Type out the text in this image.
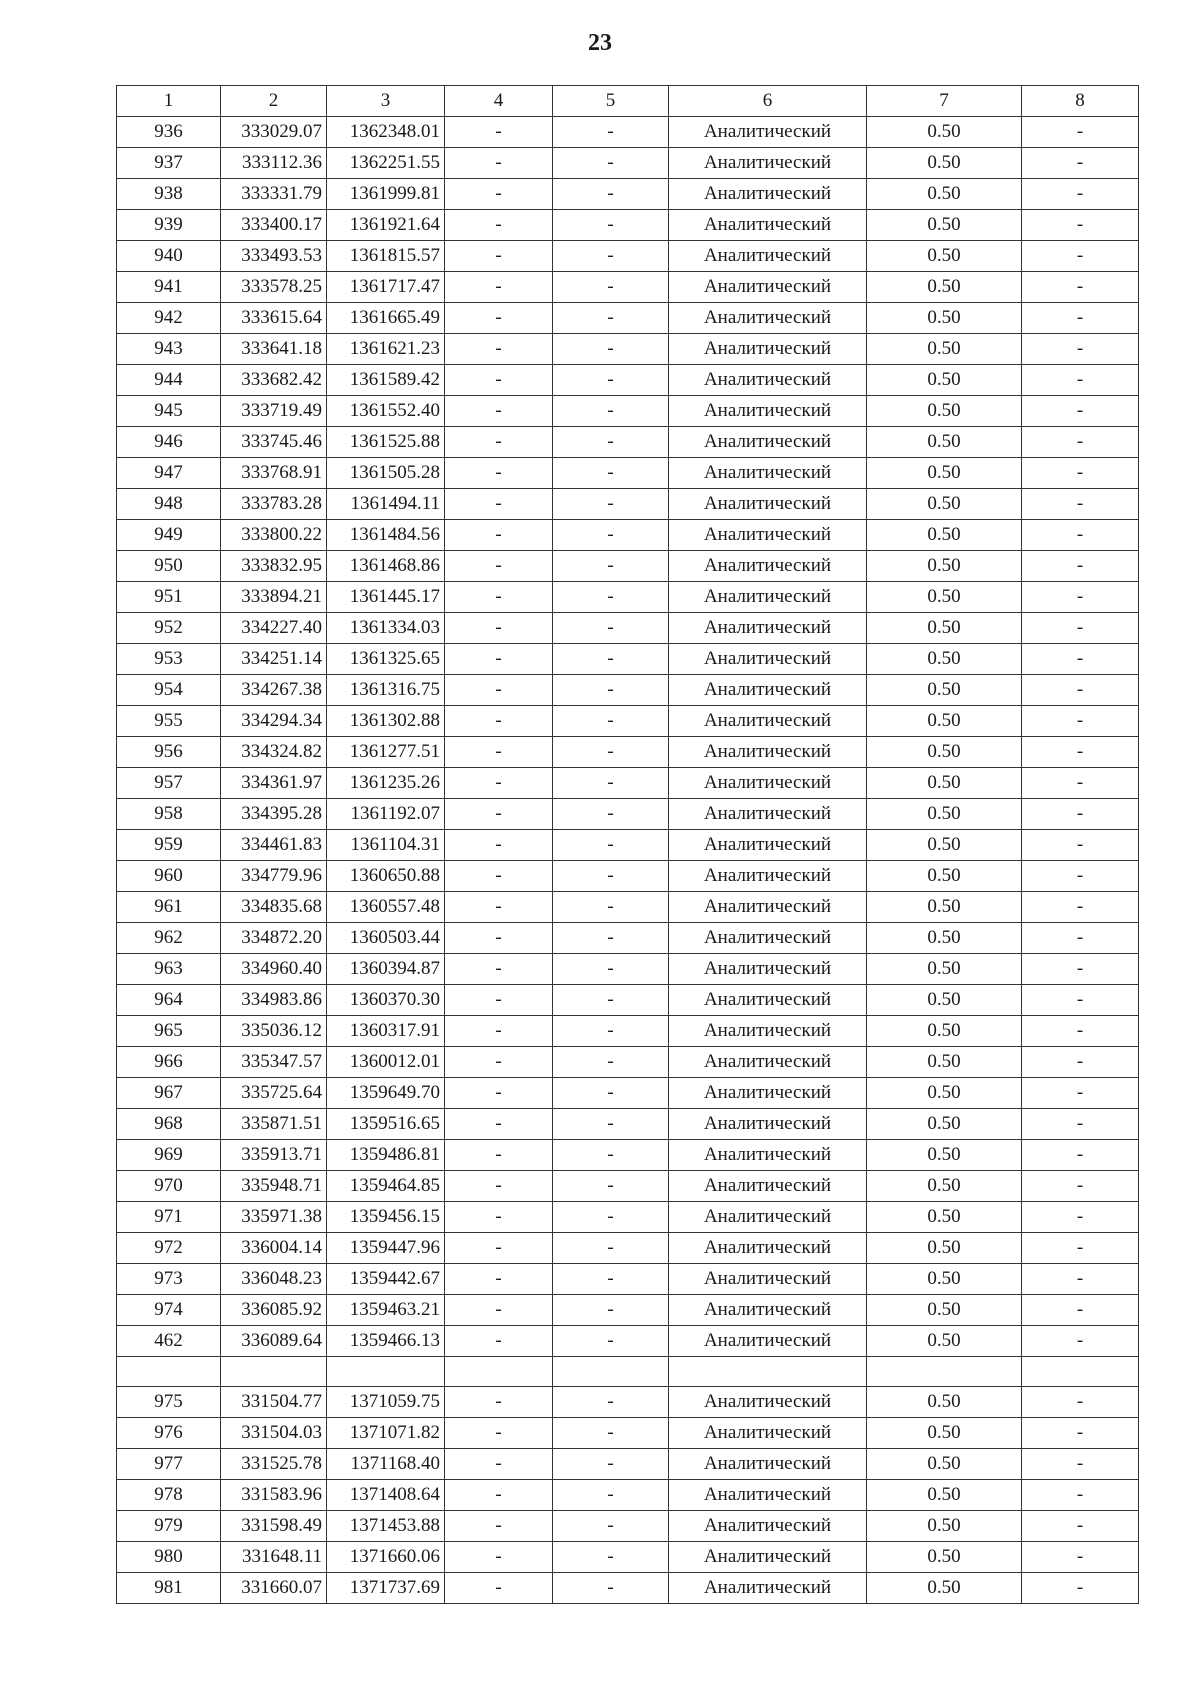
23
1	2	3	4	5	6	7	8
936	333029.07	1362348.01	-	-	Аналитический	0.50	-
937	333112.36	1362251.55	-	-	Аналитический	0.50	-
938	333331.79	1361999.81	-	-	Аналитический	0.50	-
939	333400.17	1361921.64	-	-	Аналитический	0.50	-
940	333493.53	1361815.57	-	-	Аналитический	0.50	-
941	333578.25	1361717.47	-	-	Аналитический	0.50	-
942	333615.64	1361665.49	-	-	Аналитический	0.50	-
943	333641.18	1361621.23	-	-	Аналитический	0.50	-
944	333682.42	1361589.42	-	-	Аналитический	0.50	-
945	333719.49	1361552.40	-	-	Аналитический	0.50	-
946	333745.46	1361525.88	-	-	Аналитический	0.50	-
947	333768.91	1361505.28	-	-	Аналитический	0.50	-
948	333783.28	1361494.11	-	-	Аналитический	0.50	-
949	333800.22	1361484.56	-	-	Аналитический	0.50	-
950	333832.95	1361468.86	-	-	Аналитический	0.50	-
951	333894.21	1361445.17	-	-	Аналитический	0.50	-
952	334227.40	1361334.03	-	-	Аналитический	0.50	-
953	334251.14	1361325.65	-	-	Аналитический	0.50	-
954	334267.38	1361316.75	-	-	Аналитический	0.50	-
955	334294.34	1361302.88	-	-	Аналитический	0.50	-
956	334324.82	1361277.51	-	-	Аналитический	0.50	-
957	334361.97	1361235.26	-	-	Аналитический	0.50	-
958	334395.28	1361192.07	-	-	Аналитический	0.50	-
959	334461.83	1361104.31	-	-	Аналитический	0.50	-
960	334779.96	1360650.88	-	-	Аналитический	0.50	-
961	334835.68	1360557.48	-	-	Аналитический	0.50	-
962	334872.20	1360503.44	-	-	Аналитический	0.50	-
963	334960.40	1360394.87	-	-	Аналитический	0.50	-
964	334983.86	1360370.30	-	-	Аналитический	0.50	-
965	335036.12	1360317.91	-	-	Аналитический	0.50	-
966	335347.57	1360012.01	-	-	Аналитический	0.50	-
967	335725.64	1359649.70	-	-	Аналитический	0.50	-
968	335871.51	1359516.65	-	-	Аналитический	0.50	-
969	335913.71	1359486.81	-	-	Аналитический	0.50	-
970	335948.71	1359464.85	-	-	Аналитический	0.50	-
971	335971.38	1359456.15	-	-	Аналитический	0.50	-
972	336004.14	1359447.96	-	-	Аналитический	0.50	-
973	336048.23	1359442.67	-	-	Аналитический	0.50	-
974	336085.92	1359463.21	-	-	Аналитический	0.50	-
462	336089.64	1359466.13	-	-	Аналитический	0.50	-

975	331504.77	1371059.75	-	-	Аналитический	0.50	-
976	331504.03	1371071.82	-	-	Аналитический	0.50	-
977	331525.78	1371168.40	-	-	Аналитический	0.50	-
978	331583.96	1371408.64	-	-	Аналитический	0.50	-
979	331598.49	1371453.88	-	-	Аналитический	0.50	-
980	331648.11	1371660.06	-	-	Аналитический	0.50	-
981	331660.07	1371737.69	-	-	Аналитический	0.50	-
